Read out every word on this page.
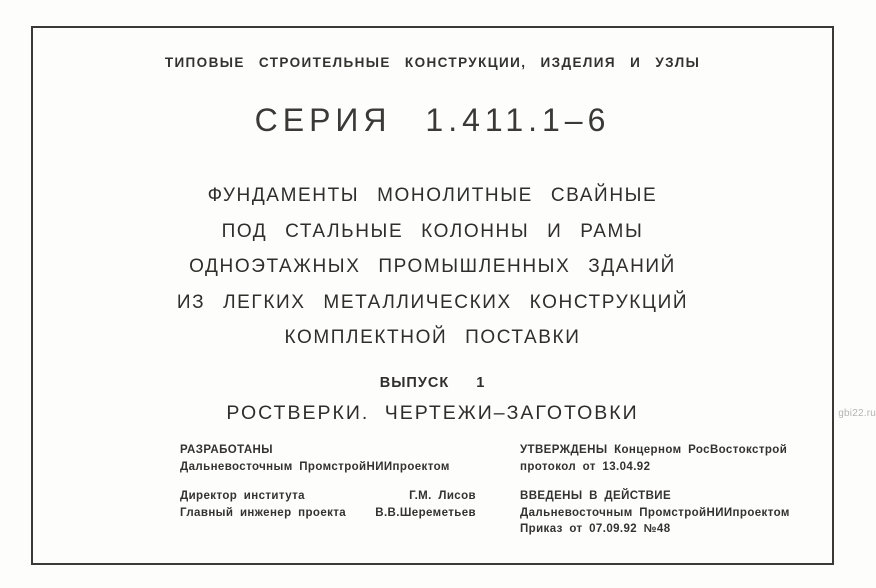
ТИПОВЫЕ СТРОИТЕЛЬНЫЕ КОНСТРУКЦИИ, ИЗДЕЛИЯ И УЗЛЫ
СЕРИЯ 1.411.1–6
ФУНДАМЕНТЫ МОНОЛИТНЫЕ СВАЙНЫЕ
ПОД СТАЛЬНЫЕ КОЛОННЫ И РАМЫ
ОДНОЭТАЖНЫХ ПРОМЫШЛЕННЫХ ЗДАНИЙ
ИЗ ЛЕГКИХ МЕТАЛЛИЧЕСКИХ КОНСТРУКЦИЙ
КОМПЛЕКТНОЙ ПОСТАВКИ
ВЫПУСК 1
РОСТВЕРКИ. ЧЕРТЕЖИ–ЗАГОТОВКИ
РАЗРАБОТАНЫ
Дальневосточным ПромстройНИИпроектом
Директор института	Г.М. Лисов
Главный инженер проекта	В.В.Шереметьев
УТВЕРЖДЕНЫ Концерном РосВостокстрой
протокол от 13.04.92
ВВЕДЕНЫ В ДЕЙСТВИЕ
Дальневосточным ПромстройНИИпроектом
Приказ от 07.09.92 №48
gbi22.ru
